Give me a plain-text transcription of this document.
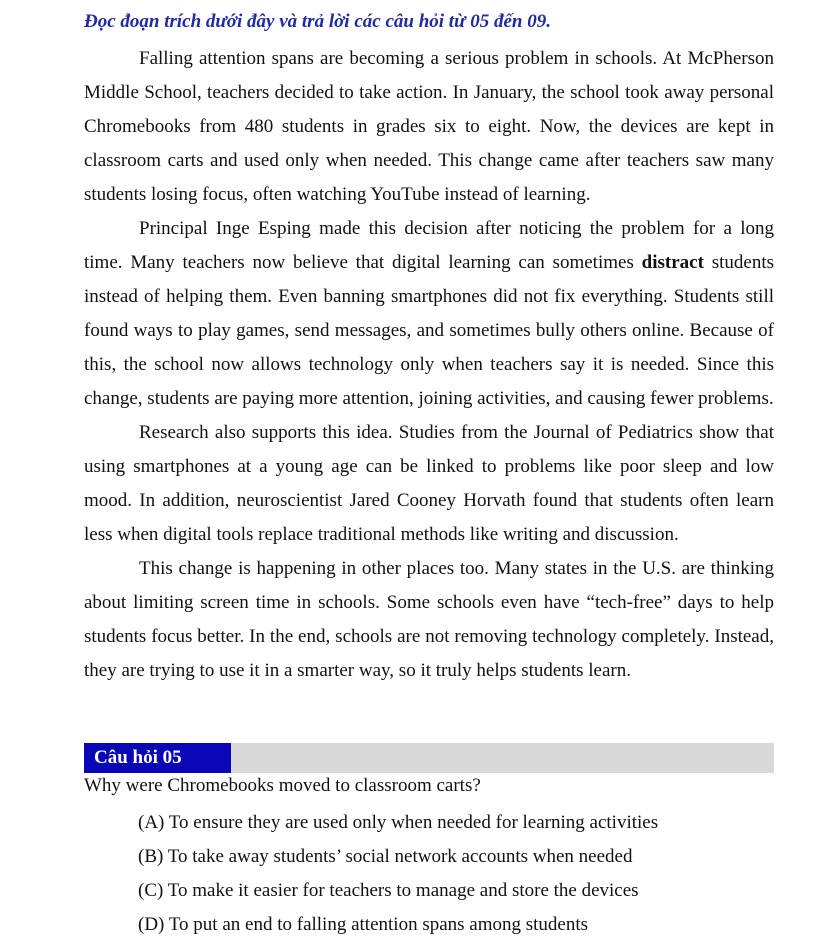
Đọc đoạn trích dưới đây và trả lời các câu hỏi từ 05 đến 09.

Falling attention spans are becoming a serious problem in schools. At McPherson Middle School, teachers decided to take action. In January, the school took away personal Chromebooks from 480 students in grades six to eight. Now, the devices are kept in classroom carts and used only when needed. This change came after teachers saw many students losing focus, often watching YouTube instead of learning.

Principal Inge Esping made this decision after noticing the problem for a long time. Many teachers now believe that digital learning can sometimes distract students instead of helping them. Even banning smartphones did not fix everything. Students still found ways to play games, send messages, and sometimes bully others online. Because of this, the school now allows technology only when teachers say it is needed. Since this change, students are paying more attention, joining activities, and causing fewer problems.

Research also supports this idea. Studies from the Journal of Pediatrics show that using smartphones at a young age can be linked to problems like poor sleep and low mood. In addition, neuroscientist Jared Cooney Horvath found that students often learn less when digital tools replace traditional methods like writing and discussion.

This change is happening in other places too. Many states in the U.S. are thinking about limiting screen time in schools. Some schools even have “tech-free” days to help students focus better. In the end, schools are not removing technology completely. Instead, they are trying to use it in a smarter way, so it truly helps students learn.

Câu hỏi 05
Why were Chromebooks moved to classroom carts?
(A) To ensure they are used only when needed for learning activities
(B) To take away students’ social network accounts when needed
(C) To make it easier for teachers to manage and store the devices
(D) To put an end to falling attention spans among students
